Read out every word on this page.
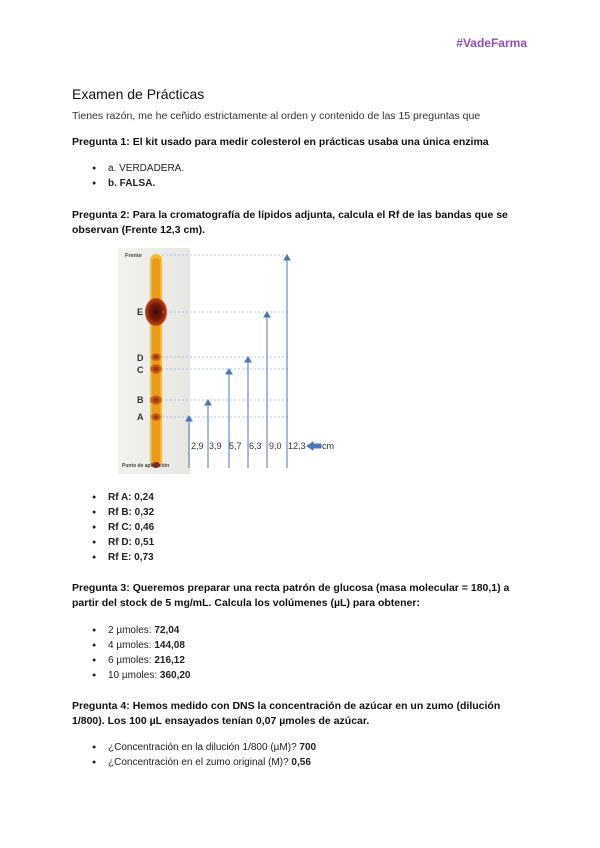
#VadeFarma
Examen de Prácticas
Tienes razón, me he ceñido estrictamente al orden y contenido de las 15 preguntas que
Pregunta 1: El kit usado para medir colesterol en prácticas usaba una única enzima
● a. VERDADERA.
● b. FALSA.
Pregunta 2: Para la cromatografía de lípidos adjunta, calcula el Rf de las bandas que se observan (Frente 12,3 cm).
Frente
Punto de aplicación
E
D
C
B
A
2,9 3,9 5,7 6,3 9,0 12,3 cm
● Rf A: 0,24
● Rf B: 0,32
● Rf C: 0,46
● Rf D: 0,51
● Rf E: 0,73
Pregunta 3: Queremos preparar una recta patrón de glucosa (masa molecular = 180,1) a partir del stock de 5 mg/mL. Calcula los volúmenes (µL) para obtener:
● 2 µmoles: 72,04
● 4 µmoles: 144,08
● 6 µmoles: 216,12
● 10 µmoles: 360,20
Pregunta 4: Hemos medido con DNS la concentración de azúcar en un zumo (dilución 1/800). Los 100 µL ensayados tenían 0,07 µmoles de azúcar.
● ¿Concentración en la dilución 1/800 (µM)? 700
● ¿Concentración en el zumo original (M)? 0,56
